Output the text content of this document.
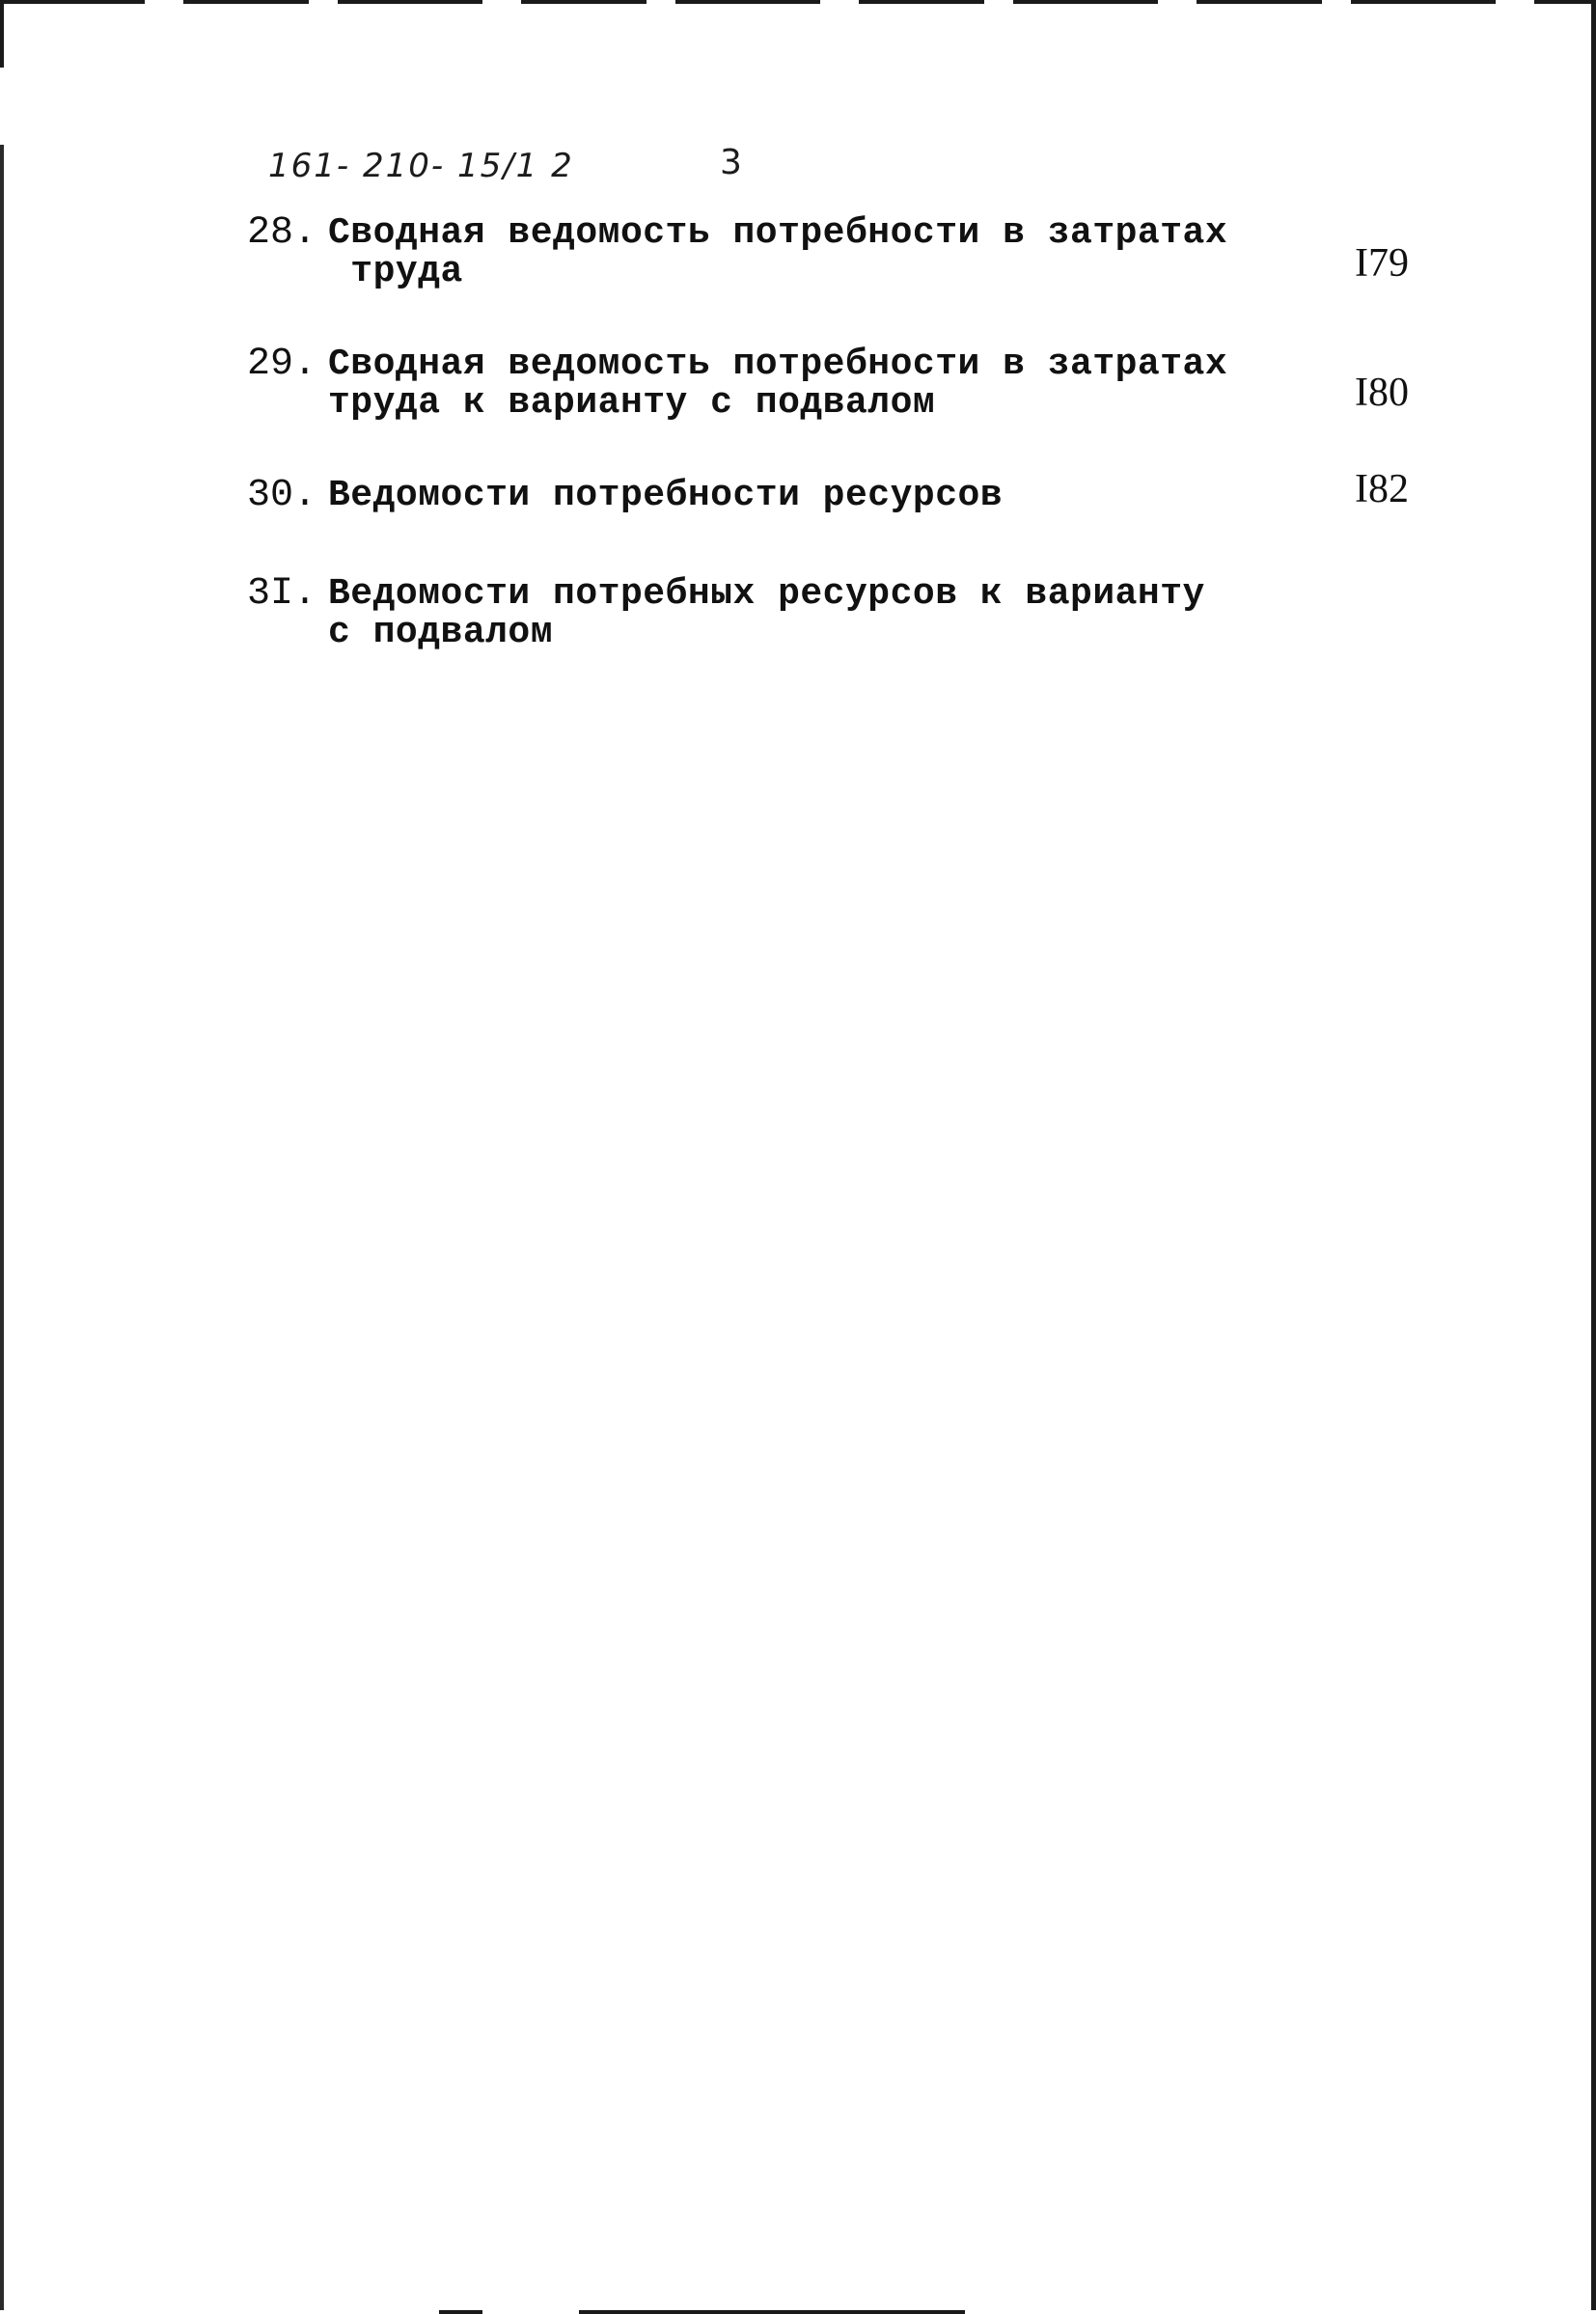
161- 210- 15/1 2	3
28. Сводная ведомость потребности в затратах
труда	I79
29. Сводная ведомость потребности в затратах
труда к варианту с подвалом	I80
30. Ведомости потребности ресурсов	I82
3I. Ведомости потребных ресурсов к варианту
с подвалом
